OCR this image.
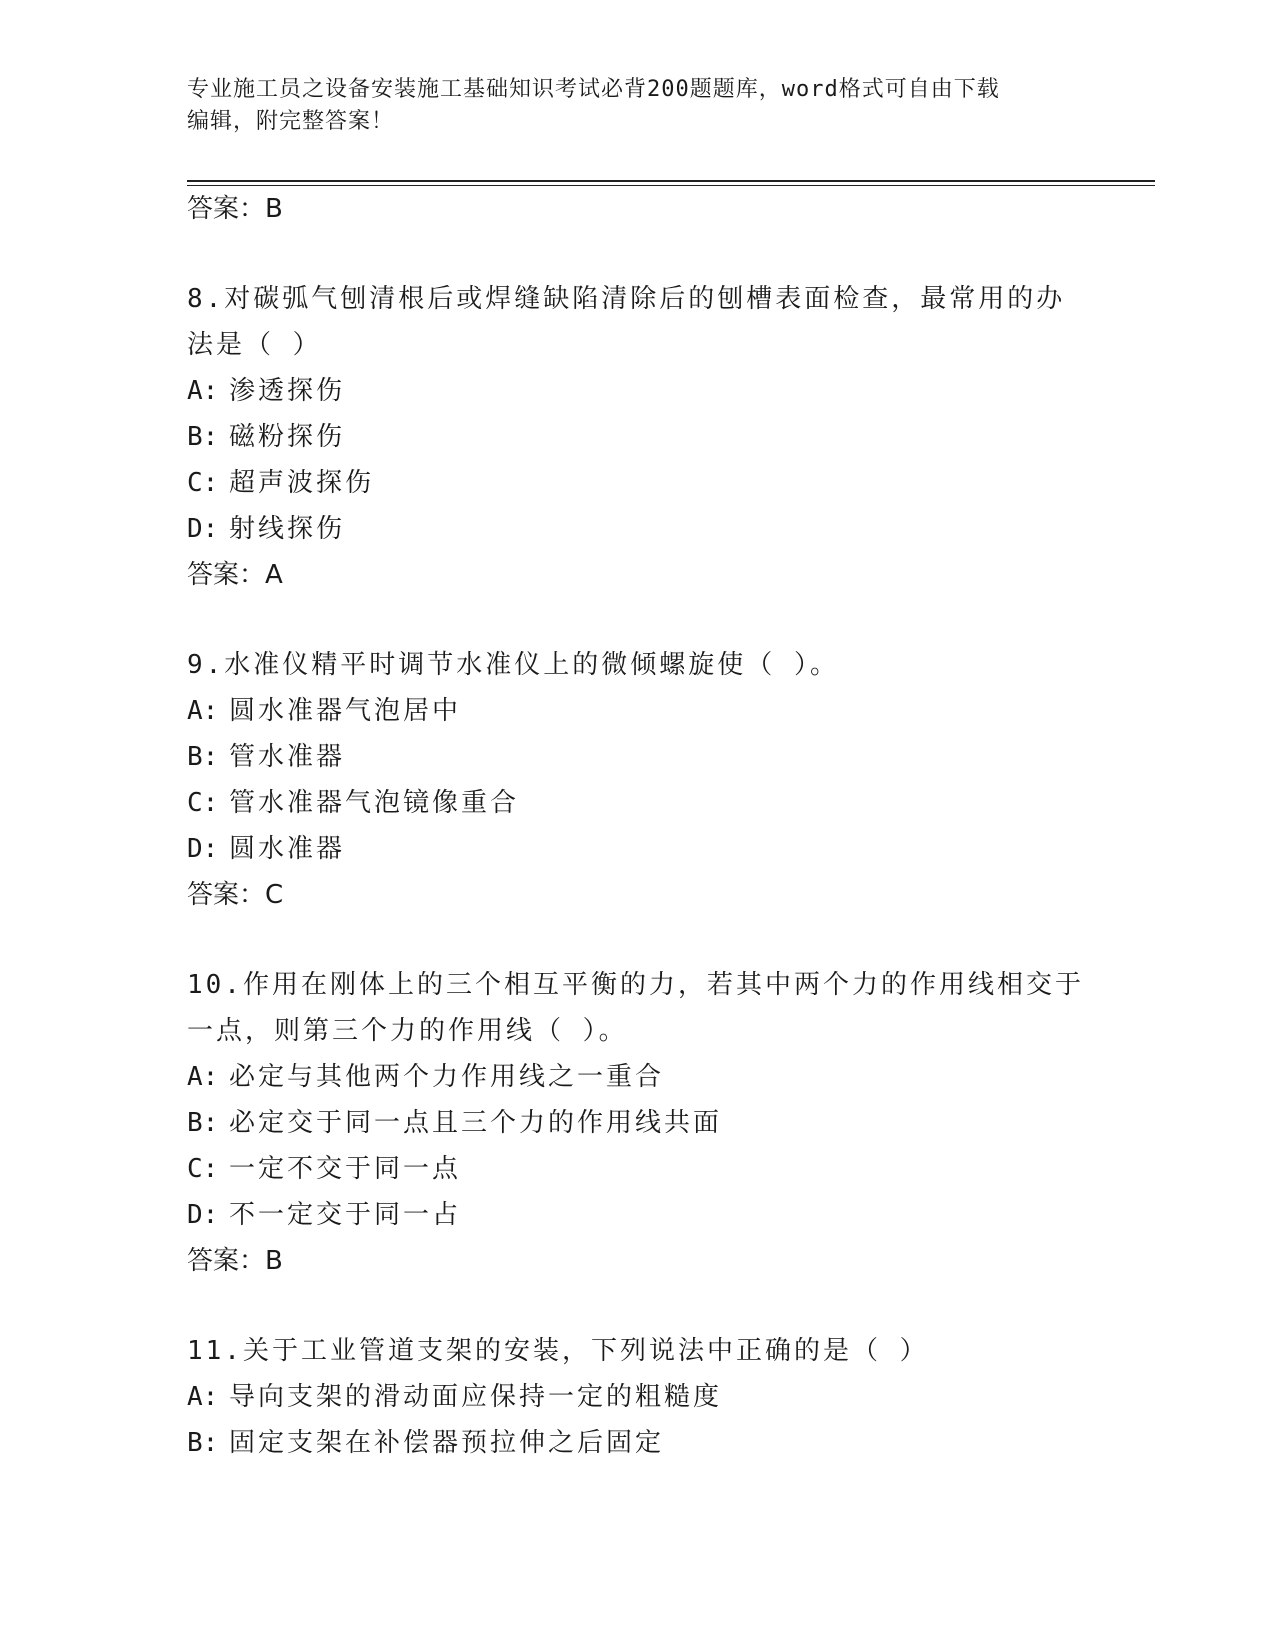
专业施工员之设备安装施工基础知识考试必背200题题库，word格式可自由下载
编辑，附完整答案！
答案：B
8.对碳弧气刨清根后或焊缝缺陷清除后的刨槽表面检查，最常用的办
法是（ ）
A: 渗透探伤
B: 磁粉探伤
C: 超声波探伤
D: 射线探伤
答案：A
9.水准仪精平时调节水准仪上的微倾螺旋使（ ）。
A: 圆水准器气泡居中
B: 管水准器
C: 管水准器气泡镜像重合
D: 圆水准器
答案：C
10.作用在刚体上的三个相互平衡的力，若其中两个力的作用线相交于
一点，则第三个力的作用线（ ）。
A: 必定与其他两个力作用线之一重合
B: 必定交于同一点且三个力的作用线共面
C: 一定不交于同一点
D: 不一定交于同一占
答案：B
11.关于工业管道支架的安装，下列说法中正确的是（ ）
A: 导向支架的滑动面应保持一定的粗糙度
B: 固定支架在补偿器预拉伸之后固定
